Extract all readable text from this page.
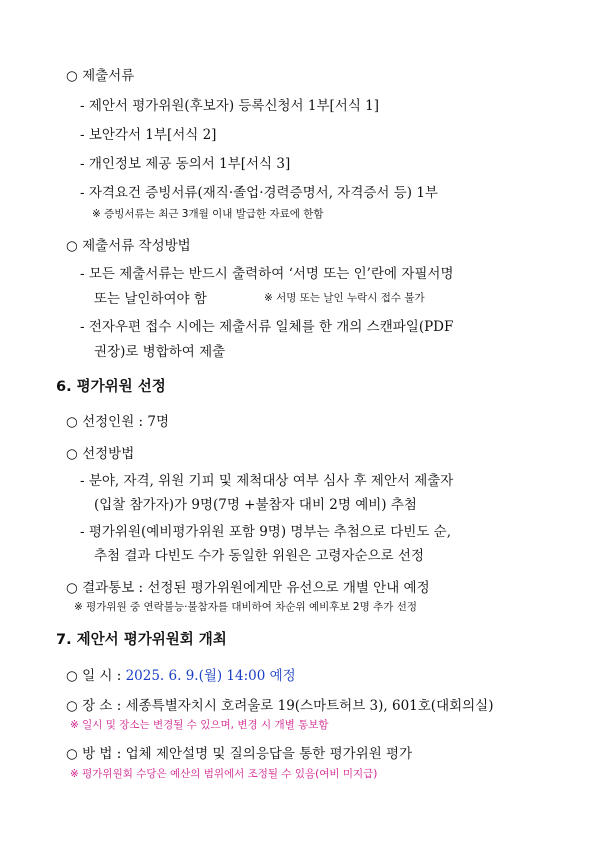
○ 제출서류
- 제안서 평가위원(후보자) 등록신청서 1부[서식 1]
- 보안각서 1부[서식 2]
- 개인정보 제공 동의서 1부[서식 3]
- 자격요건 증빙서류(재직·졸업·경력증명서, 자격증서 등) 1부
※ 증빙서류는 최근 3개월 이내 발급한 자료에 한함
○ 제출서류 작성방법
- 모든 제출서류는 반드시 출력하여 ‘서명 또는 인’란에 자필서명
또는 날인하여야 함	※ 서명 또는 날인 누락시 접수 불가
- 전자우편 접수 시에는 제출서류 일체를 한 개의 스캔파일(PDF
권장)로 병합하여 제출
6. 평가위원 선정
○ 선정인원 : 7명
○ 선정방법
- 분야, 자격, 위원 기피 및 제척대상 여부 심사 후 제안서 제출자
(입찰 참가자)가 9명(7명 +불참자 대비 2명 예비) 추첨
- 평가위원(예비평가위원 포함 9명) 명부는 추첨으로 다빈도 순,
추첨 결과 다빈도 수가 동일한 위원은 고령자순으로 선정
○ 결과통보 : 선정된 평가위원에게만 유선으로 개별 안내 예정
※ 평가위원 중 연락불능·불참자를 대비하여 차순위 예비후보 2명 추가 선정
7. 제안서 평가위원회 개최
○ 일 시 : 2025. 6. 9.(월) 14:00 예정
○ 장 소 : 세종특별자치시 호려울로 19(스마트허브 3), 601호(대회의실)
※ 일시 및 장소는 변경될 수 있으며, 변경 시 개별 통보함
○ 방 법 : 업체 제안설명 및 질의응답을 통한 평가위원 평가
※ 평가위원회 수당은 예산의 범위에서 조정될 수 있음(여비 미지급)
